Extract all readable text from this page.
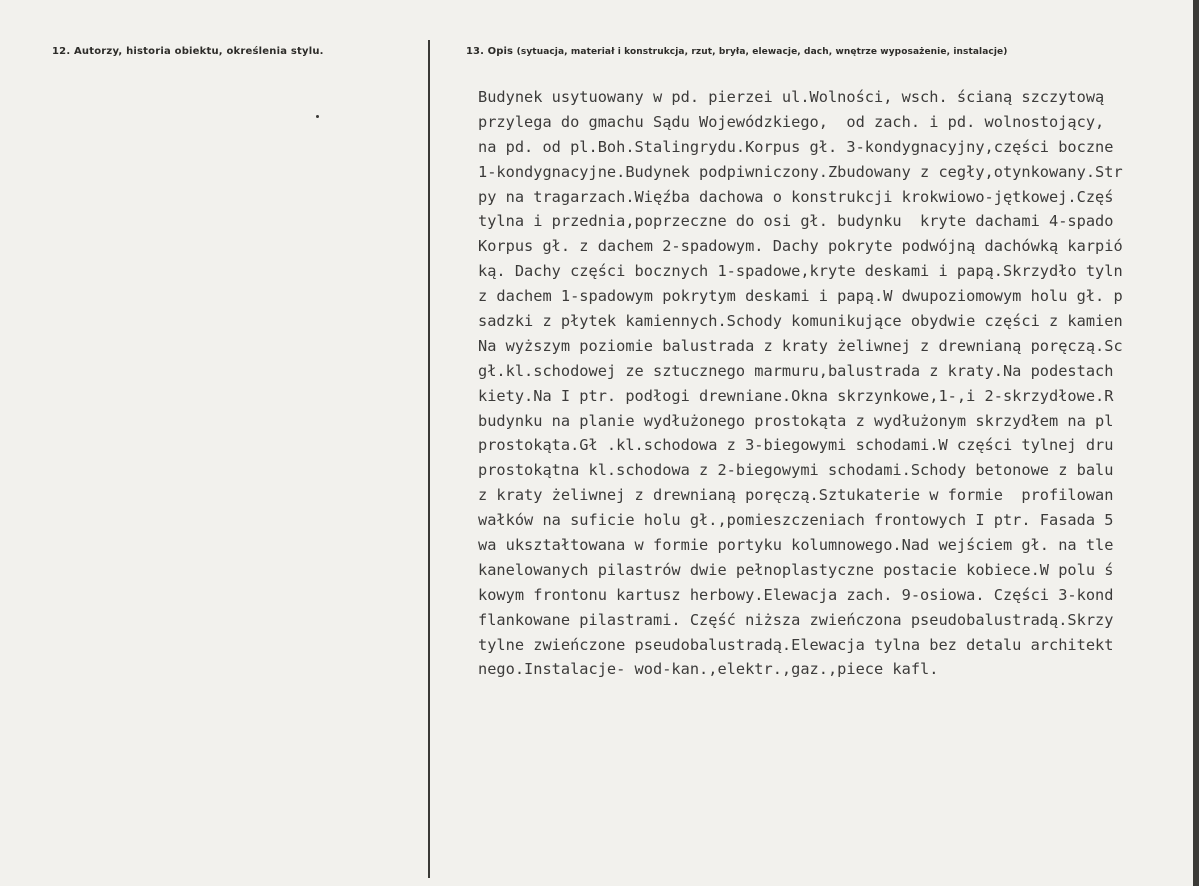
12. Autorzy, historia obiektu, określenia stylu.	13. Opis (sytuacja, materiał i konstrukcja, rzut, bryła, elewacje, dach, wnętrze wyposażenie, instalacje)
Budynek usytuowany w pd. pierzei ul.Wolności, wsch. ścianą szczytową
przylega do gmachu Sądu Wojewódzkiego,  od zach. i pd. wolnostojący,
na pd. od pl.Boh.Stalingrydu.Korpus gł. 3-kondygnacyjny,części boczne
1-kondygnacyjne.Budynek podpiwniczony.Zbudowany z cegły,otynkowany.Str
py na tragarzach.Więźba dachowa o konstrukcji krokwiowo-jętkowej.Częś
tylna i przednia,poprzeczne do osi gł. budynku  kryte dachami 4-spado
Korpus gł. z dachem 2-spadowym. Dachy pokryte podwójną dachówką karpió
ką. Dachy części bocznych 1-spadowe,kryte deskami i papą.Skrzydło tyln
z dachem 1-spadowym pokrytym deskami i papą.W dwupoziomowym holu gł. p
sadzki z płytek kamiennych.Schody komunikujące obydwie części z kamien
Na wyższym poziomie balustrada z kraty żeliwnej z drewnianą poręczą.Sc
gł.kl.schodowej ze sztucznego marmuru,balustrada z kraty.Na podestach
kiety.Na I ptr. podłogi drewniane.Okna skrzynkowe,1-,i 2-skrzydłowe.R
budynku na planie wydłużonego prostokąta z wydłużonym skrzydłem na pl
prostokąta.Gł .kl.schodowa z 3-biegowymi schodami.W części tylnej dru
prostokątna kl.schodowa z 2-biegowymi schodami.Schody betonowe z balu
z kraty żeliwnej z drewnianą poręczą.Sztukaterie w formie  profilowan
wałków na suficie holu gł.,pomieszczeniach frontowych I ptr. Fasada 5
wa ukształtowana w formie portyku kolumnowego.Nad wejściem gł. na tle
kanelowanych pilastrów dwie pełnoplastyczne postacie kobiece.W polu ś
kowym frontonu kartusz herbowy.Elewacja zach. 9-osiowa. Części 3-kond
flankowane pilastrami. Część niższa zwieńczona pseudobalustradą.Skrzy
tylne zwieńczone pseudobalustradą.Elewacja tylna bez detalu architekt
nego.Instalacje- wod-kan.,elektr.,gaz.,piece kafl.
